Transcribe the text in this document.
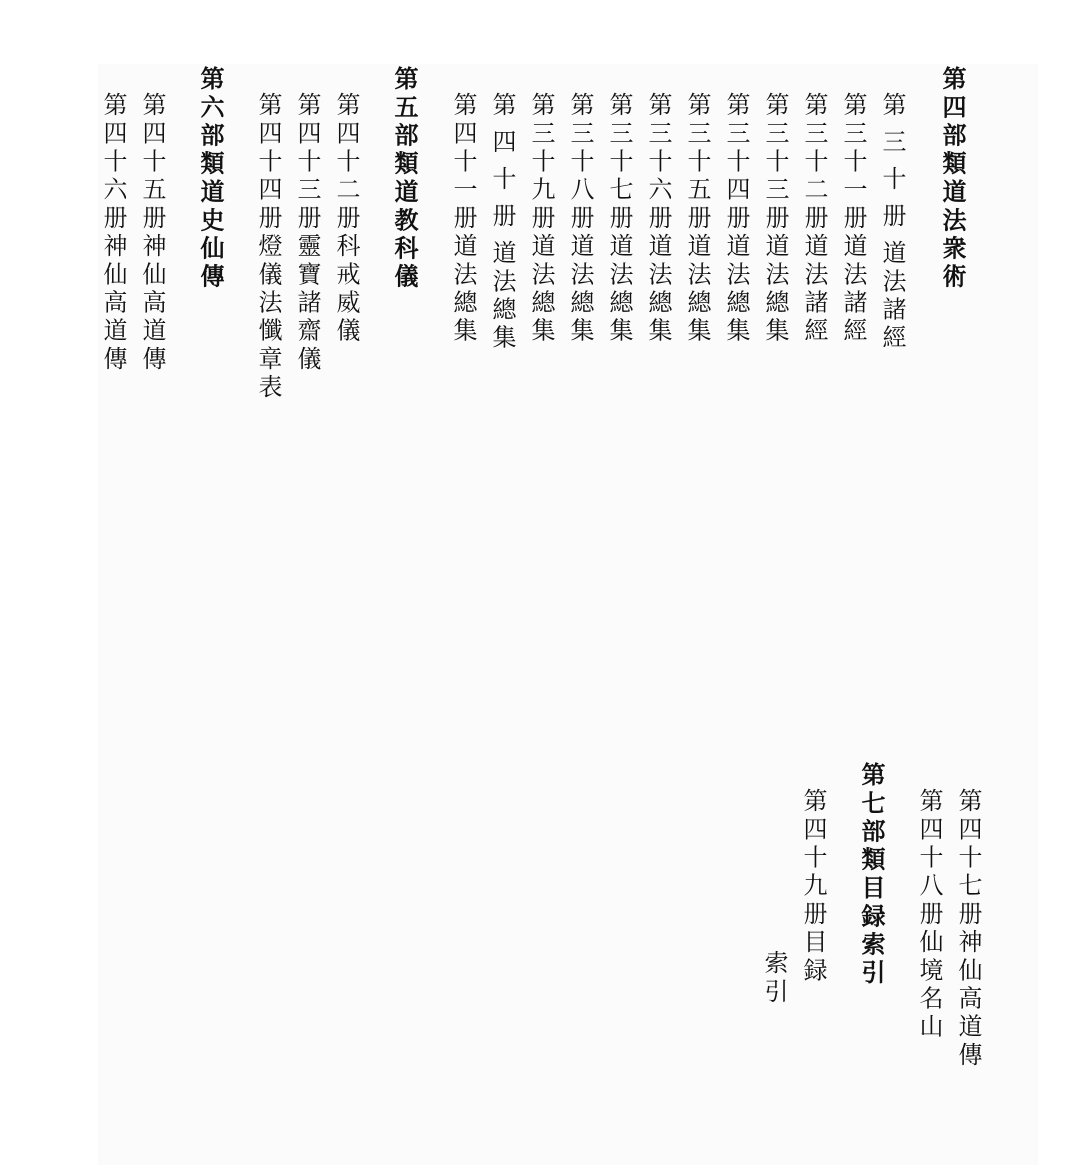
第四部類道法衆術
第三十册道法諸經
第三十一册道法諸經
第三十二册道法諸經
第三十三册道法總集
第三十四册道法總集
第三十五册道法總集
第三十六册道法總集
第三十七册道法總集
第三十八册道法總集
第三十九册道法總集
第四十册道法總集
第四十一册道法總集
第五部類道教科儀
第四十二册科戒威儀
第四十三册靈寶諸齋儀
第四十四册燈儀法懺章表
第六部類道史仙傳
第四十五册神仙高道傳
第四十六册神仙高道傳
第四十七册神仙高道傳
第四十八册仙境名山
第七部類目録索引
第四十九册目録
索引
